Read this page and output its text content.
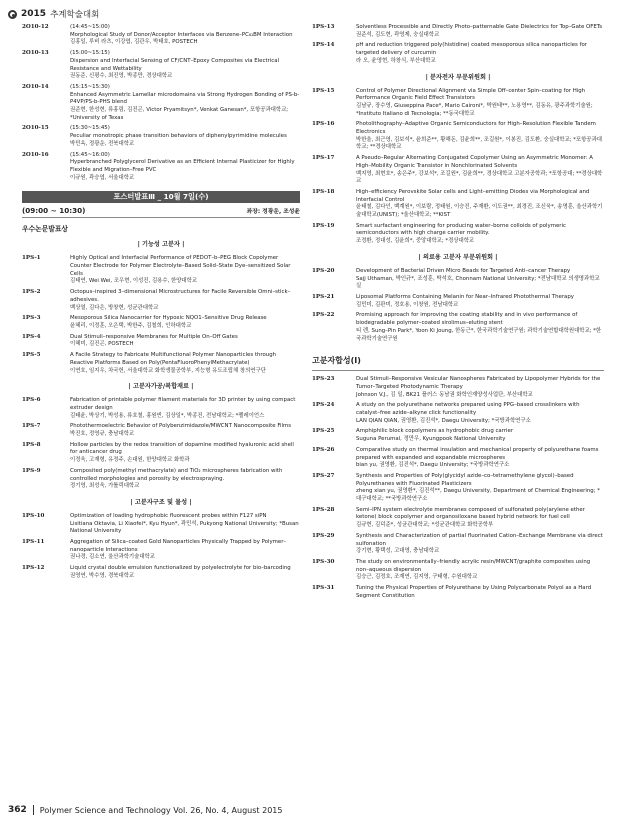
2015 추계학술대회
2O10-12	(14:45~15:00)
Morphological Study of Donor/Acceptor Interfaces via Benzene–PC₆₁BM Interaction
김홍일, 루비 라츠, 이강엽, 김관우, 박태호, POSTECH
2O10-13	(15:00~15:15)
Dispersion and Interfacial Sensing of CF/CNT–Epoxy Composites via Electrical Resistance and Wettability
권동준, 신평수, 최진영, 박종만, 경상대학교
2O10-14	(15:15~15:30)
Enhanced Asymmetric Lamellar microdomains via Strong Hydrogen Bonding of PS-b-P4VP/PS-b-PHS blend
권준현, 한성현, 류홍림, 김진곤, Victor Pryamitsyn*, Venkat Ganesan*, 포항공과대학교; *University of Texas
2O10-15	(15:30~15:45)
Peculiar monotropic phase transition behaviors of diphenylpyrimidine molecules
박민옥, 정광운, 전북대학교
2O10-16	(15:45~16:00)
Hyperbranched Polyglycerol Derivative as an Efficient Internal Plasticizer for Highly Flexible and Migration–Free PVC
이규원, 곽승엽, 서울대학교
포스터발표Ⅲ _ 10월 7일(수)
(09:00 ~ 10:30)	좌장: 정광운, 조성윤
우수논문발표상
| 기능성 고분자 |
1PS-1	Highly Optical and Interfacial Performance of PEDOT–b–PEG Block Copolymer Counter Electrode for Polymer Electrolyte–Based Solid–State Dye–sensitized Solar Cells
김태연, Wei Wei, 조우현, 이성진, 김용수, 한양대학교
1PS-2	Octopus–inspired 3–dimensional Microstructures for Facile Reversible Omni–stick–adhesives.
백상열, 김다은, 방창현, 성균관대학교
1PS-3	Mesoporous Silica Nanocarrier for Hypoxic NQO1–Sensitive Drug Release
윤혜리, 이정훈, 오은택, 박한주, 김철희, 인하대학교
1PS-4	Dual Stimuli–responsive Membranes for Multiple On–Off Gates
이혜미, 김진곤, POSTECH
1PS-5	A Facile Strategy to Fabricate Multifunctional Polymer Nanoparticles through Reactive Platforms Based on Poly(PentaFluoroPhenylMethacrylate)
이연호, 임지우, 차국헌, 서울대학교 화학생물공학부, 지능형 유도조립체 창의연구단
| 고분자가공/복합재료 |
1PS-6	Fabrication of printable polymer filament materials for 3D printer by using compact extruder design
김태윤, 박상기, 박성용, 류호철, 홍원빈, 김상일*, 박종진, 전남대학교; *펠레이언스
1PS-7	Photothermoelectric Behavior of Polybenzimidazole/MWCNT Nanocomposite Films
박진호, 정영규, 충남대학교
1PS-8	Hollow particles by the redox transition of dopamine modified hyaluronic acid shell for anticancer drug
이정욱, 고재형, 유정주, 손대원, 한양대학교 화학과
1PS-9	Composited poly(methyl methacrylate) and TiO₂ microspheres fabrication with controlled morphologies and porosity by electrospraying.
정기영, 최성욱, 가톨릭대학교
| 고분자구조 및 물성 |
1PS-10	Optimization of loading hydrophobic fluorescent probes within F127 siPN
Lisitiana Oktavia, Li Xiaofei*, Kyu Hyun*, 곽민석, Pukyong National University; *Busan National University
1PS-11	Aggregation of Silica–coated Gold Nanoparticles Physically Trapped by Polymer–nanoparticle Interactions
권나경, 김소연, 울산과학기술대학교
1PS-12	Liquid crystal double emulsion functionalized by polyelectrolyte for bio–barcoding
권영연, 박수영, 경북대학교
1PS-13	Solventless Processible and Directly Photo–patternable Gate Dielectrics for Top–Gate OFETs
권준석, 김도현, 곽영제, 숭실대학교
1PS-14	pH and reduction triggered poly(histidine) coated mesoporous silica nanoparticles for targeted delivery of curcumin
라 오, 윤영현, 하창식, 부산대학교
| 분자전자 부문위원회 |
1PS-15	Control of Polymer Directional Alignment via Simple Off–center Spin–coating for High Performance Organic Field Effect Transistors
김남규, 장수영, Giuseppina Pace*, Mario Caironi*, 박원태**, 노용영**, 김동유, 광주과학기술원; *Instituto Italiano di Tecnologia; **동국대학교
1PS-16	Photolithography–Adaptive Organic Semiconductors for High–Resolution Flexible Tandem Electronics
박한울, 최근영, 김보석*, 윤희준**, 황해돈, 김윤희**, 조길원*, 이봉진, 김도환, 숭실대학교; *포항공과대학교; **경상대학교
1PS-17	A Pseudo–Regular Alternating Conjugated Copolymer Using an Asymmetric Monomer: A High–Mobility Organic Transistor in Nonchlorinated Solvents
백지영, 최현호*, 송은주*, 강보석*, 조길원*, 김윤희**, 경상대학교 고분자공학과; *포항공대; **경상대학교
1PS-18	High–efficiency Perovskite Solar cells and Light–emitting Diodes via Morphological and Interfacial Control
윤태철, 김다인, 백계원*, 이보람, 정태원, 이승진, 주재환, 이도권**, 최경진, 조신욱*, 송명훈, 울산과학기술대학교(UNIST); *울산대학교; **KIST
1PS-19	Smart surfactant engineering for producing water–borne colloids of polymeric semiconductors with high charge carrier mobility.
조정환, 정대성, 김윤희*, 중앙대학교; *경상대학교
| 의료용 고분자 부문위원회 |
1PS-20	Development of Bacterial Driven Micro Beads for Targeted Anti–cancer Therapy
Sajj Uthaman, 박인규*, 조성훈, 박석호, Chonnam National University; *전남대학교 의생명과학교실
1PS-21	Liposomal Platforms Containing Melanin for Near–Infrared Photothermal Therapy
김민미, 김판미, 정호용, 이창원, 전남대학교
1PS-22	Promising approach for improving the coating stability and in vivo performance of biodegradable polymer–coated sirolimus–eluting stent
티 렌, Sung–Pin Park*, Yoon Ki Joung, 한동근*, 한국과학기술연구원; 과학기술연합대학원대학교; *한국과학기술연구원
고분자합성(I)
1PS-23	Dual Stimuli–Responsive Vesicular Nanospheres Fabricated by Lipopolymer Hybrids for the Tumor–Targeted Photodynamic Therapy
Johnson V.J., 김 일, BK21 플러스 동남권 화학인재양성사업단, 부산대학교
1PS-24	A study on the polyurethane networks prepared using PPG–based crosslinkers with catalyst–free azide–alkyne click functionality
LAN QIAN QIAN, 권영환, 김진석*, Daegu University; *국방과학연구소
1PS-25	Amphiphilic block copolymers as hydrophobic drug carrier
Suguna Perumal, 정만우, Kyungpook National University
1PS-26	Comparative study on thermal insulation and mechanical property of polyurethane foams prepared with expanded and expandable microspheres
bian yu, 권영환, 김진석*, Daegu University; *국방과학연구소
1PS-27	Synthesis and Properties of Poly(glycidyl azide–co–tetramethylene glycol)–based Polyurethanes with Fluorinated Plasticizers
zheng xian yu, 권영환*, 김진석**, Daegu University, Department of Chemical Engineering; *대구대학교; **국방과학연구소
1PS-28	Semi–IPN system electrolyte membranes composed of sulfonated poly(arylene ether ketone) block copolymer and organosiloxane based hybrid network for fuel cell
김규현, 김덕준*, 성균관대학교; *성균관대학교 화학공학부
1PS-29	Synthesis and Characterization of partial fluorinated Cation–Exchange Membrane via direct sulfonation
강기현, 황택성, 고대영, 충남대학교
1PS-30	The study on environmentally–friendly acrylic resin/MWCNT/graphite composites using non–aqueous dispersion
김승근, 김정호, 조재연, 김지영, 구태형, 수원대학교
1PS-31	Tuning the Physical Properties of Polyurethane by Using Polycarbonate Polyol as a Hard Segment Constitution
362 Polymer Science and Technology Vol. 26, No. 4, August 2015
